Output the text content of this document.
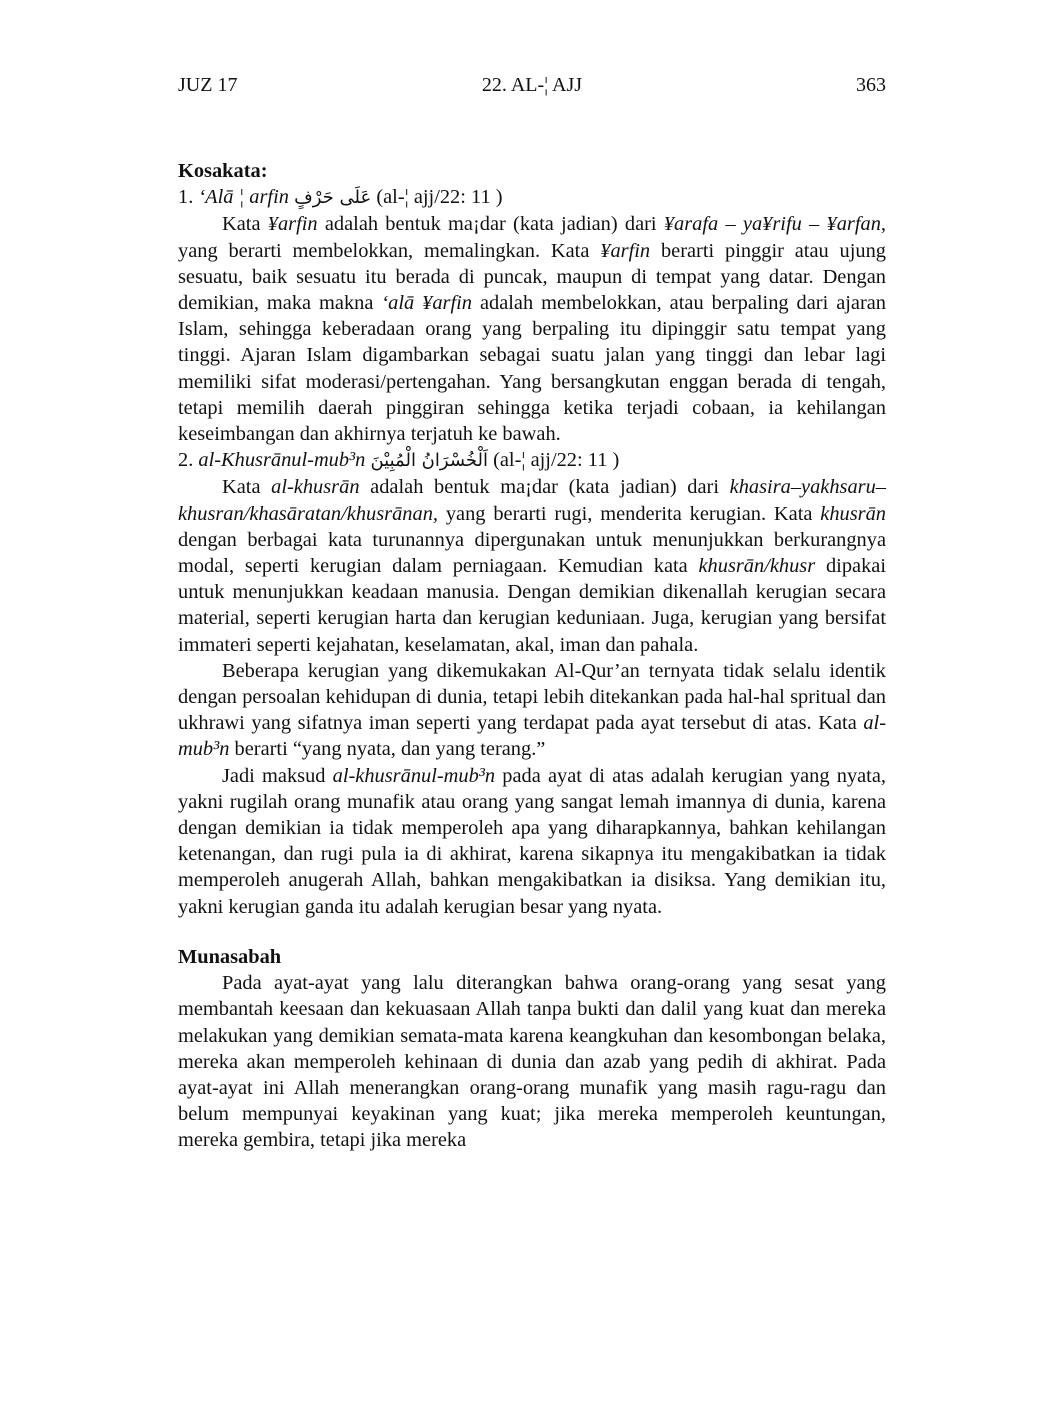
JUZ 17	22. AL-¦ AJJ	363
Kosakata:
1. ‘Alā ¦ arfin عَلَى حَرْفٍ (al-¦ ajj/22: 11 )

Kata ¥arfin adalah bentuk ma¡dar (kata jadian) dari ¥arafa – ya¥rifu – ¥arfan, yang berarti membelokkan, memalingkan. Kata ¥arfin berarti pinggir atau ujung sesuatu, baik sesuatu itu berada di puncak, maupun di tempat yang datar. Dengan demikian, maka makna ‘alā ¥arfin adalah membelokkan, atau berpaling dari ajaran Islam, sehingga keberadaan orang yang berpaling itu dipinggir satu tempat yang tinggi. Ajaran Islam digambarkan sebagai suatu jalan yang tinggi dan lebar lagi memiliki sifat moderasi/pertengahan. Yang bersangkutan enggan berada di tengah, tetapi memilih daerah pinggiran sehingga ketika terjadi cobaan, ia kehilangan keseimbangan dan akhirnya terjatuh ke bawah.

2. al-Khusrānul-mub³n اَلْخُسْرَانُ الْمُبِيْنَ (al-¦ ajj/22: 11 )

Kata al-khusrān adalah bentuk ma¡dar (kata jadian) dari khasira–yakhsaru–khusran/khasāratan/khusrānan, yang berarti rugi, menderita kerugian. Kata khusrān dengan berbagai kata turunannya dipergunakan untuk menunjukkan berkurangnya modal, seperti kerugian dalam perniagaan. Kemudian kata khusrān/khusr dipakai untuk menunjukkan keadaan manusia. Dengan demikian dikenallah kerugian secara material, seperti kerugian harta dan kerugian keduniaan. Juga, kerugian yang bersifat immateri seperti kejahatan, keselamatan, akal, iman dan pahala.

Beberapa kerugian yang dikemukakan Al-Qur’an ternyata tidak selalu identik dengan persoalan kehidupan di dunia, tetapi lebih ditekankan pada hal-hal spritual dan ukhrawi yang sifatnya iman seperti yang terdapat pada ayat tersebut di atas. Kata al-mub³n berarti “yang nyata, dan yang terang.”

Jadi maksud al-khusrānul-mub³n pada ayat di atas adalah kerugian yang nyata, yakni rugilah orang munafik atau orang yang sangat lemah imannya di dunia, karena dengan demikian ia tidak memperoleh apa yang diharapkannya, bahkan kehilangan ketenangan, dan rugi pula ia di akhirat, karena sikapnya itu mengakibatkan ia tidak memperoleh anugerah Allah, bahkan mengakibatkan ia disiksa. Yang demikian itu, yakni kerugian ganda itu adalah kerugian besar yang nyata.

Munasabah

Pada ayat-ayat yang lalu diterangkan bahwa orang-orang yang sesat yang membantah keesaan dan kekuasaan Allah tanpa bukti dan dalil yang kuat dan mereka melakukan yang demikian semata-mata karena keangkuhan dan kesombongan belaka, mereka akan memperoleh kehinaan di dunia dan azab yang pedih di akhirat. Pada ayat-ayat ini Allah menerangkan orang-orang munafik yang masih ragu-ragu dan belum mempunyai keyakinan yang kuat; jika mereka memperoleh keuntungan, mereka gembira, tetapi jika mereka
